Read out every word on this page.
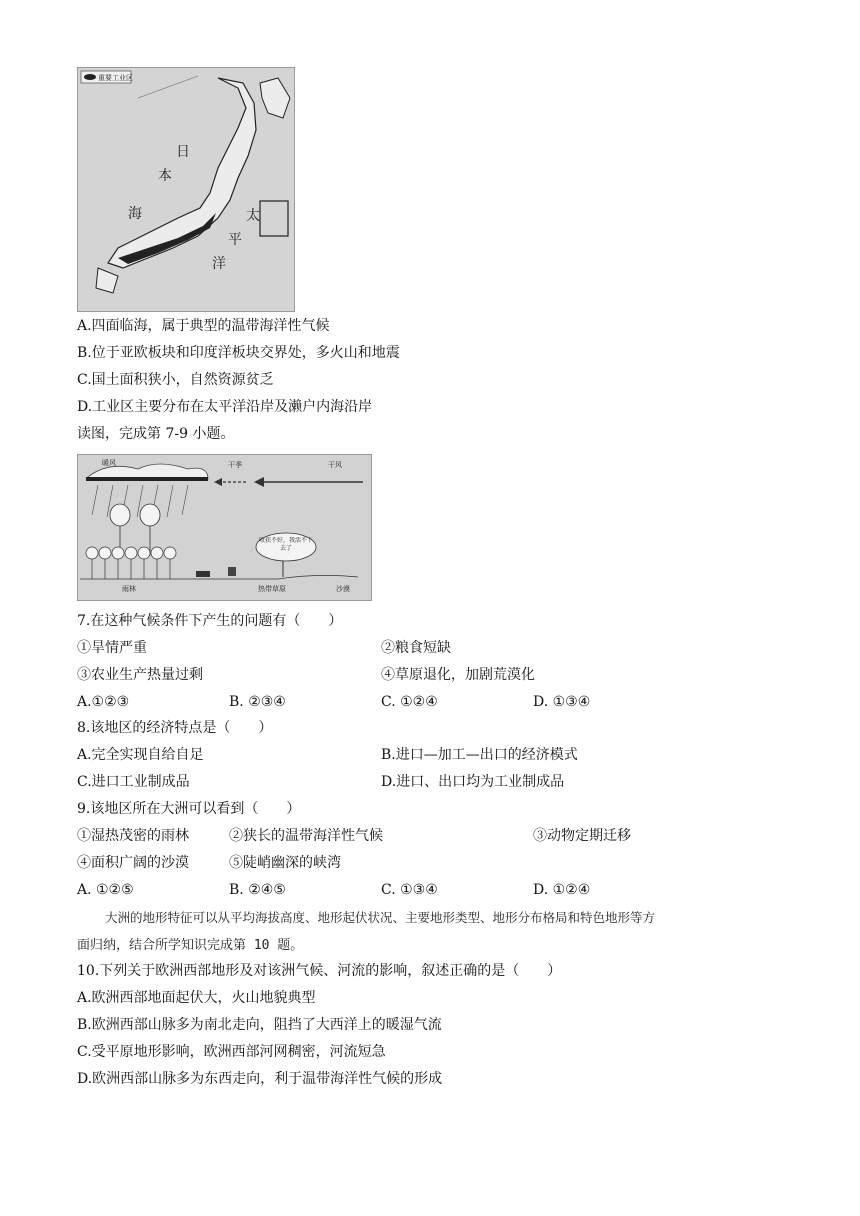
重要工业区
日
本
海	太
平
洋
A.四面临海，属于典型的温带海洋性气候
B.位于亚欧板块和印度洋板块交界处，多火山和地震
C.国土面积狭小，自然资源贫乏
D.工业区主要分布在太平洋沿岸及濑户内海沿岸
读图，完成第 7-9 小题。
暖风	干季	干风
收获不好，我活不下去了
雨林	热带草原	沙漠
7.在这种气候条件下产生的问题有（　　）
①旱情严重	②粮食短缺
③农业生产热量过剩	④草原退化，加剧荒漠化
A.①②③	B. ②③④	C. ①②④	D. ①③④
8.该地区的经济特点是（　　）
A.完全实现自给自足	B.进口—加工—出口的经济模式
C.进口工业制成品	D.进口、出口均为工业制成品
9.该地区所在大洲可以看到（　　）
①湿热茂密的雨林	②狭长的温带海洋性气候	③动物定期迁移
④面积广阔的沙漠	⑤陡峭幽深的峡湾
A. ①②⑤	B. ②④⑤	C. ①③④	D. ①②④
大洲的地形特征可以从平均海拔高度、地形起伏状况、主要地形类型、地形分布格局和特色地形等方
面归纳，结合所学知识完成第 10 题。
10.下列关于欧洲西部地形及对该洲气候、河流的影响，叙述正确的是（　　）
A.欧洲西部地面起伏大，火山地貌典型
B.欧洲西部山脉多为南北走向，阻挡了大西洋上的暖湿气流
C.受平原地形影响，欧洲西部河网稠密，河流短急
D.欧洲西部山脉多为东西走向，利于温带海洋性气候的形成
